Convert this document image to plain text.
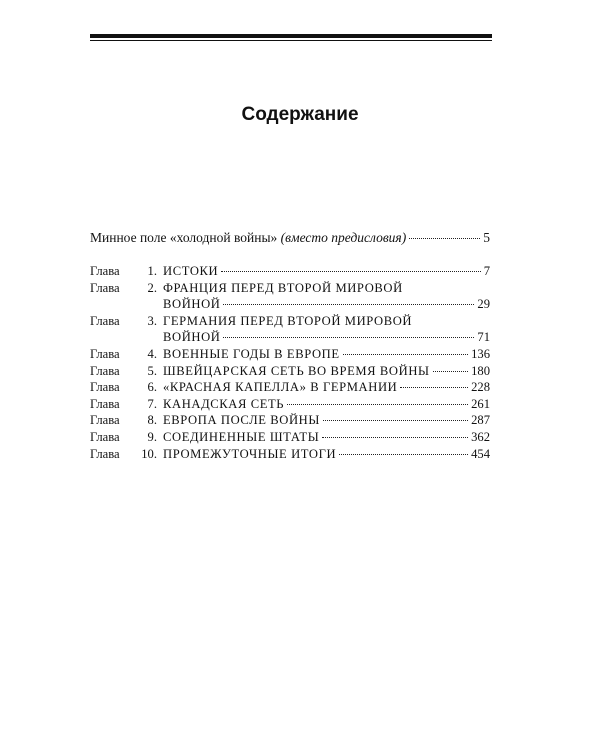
Содержание
Минное поле «холодной войны» (вместо предисловия)	5
Глава	1. ИСТОКИ	7
Глава	2. ФРАНЦИЯ ПЕРЕД ВТОРОЙ МИРОВОЙ
ВОЙНОЙ	29
Глава	3. ГЕРМАНИЯ ПЕРЕД ВТОРОЙ МИРОВОЙ
ВОЙНОЙ	71
Глава	4. ВОЕННЫЕ ГОДЫ В ЕВРОПЕ	136
Глава	5. ШВЕЙЦАРСКАЯ СЕТЬ ВО ВРЕМЯ ВОЙНЫ	180
Глава	6. «КРАСНАЯ КАПЕЛЛА» В ГЕРМАНИИ	228
Глава	7. КАНАДСКАЯ СЕТЬ	261
Глава	8. ЕВРОПА ПОСЛЕ ВОЙНЫ	287
Глава	9. СОЕДИНЕННЫЕ ШТАТЫ	362
Глава	10. ПРОМЕЖУТОЧНЫЕ ИТОГИ	454
